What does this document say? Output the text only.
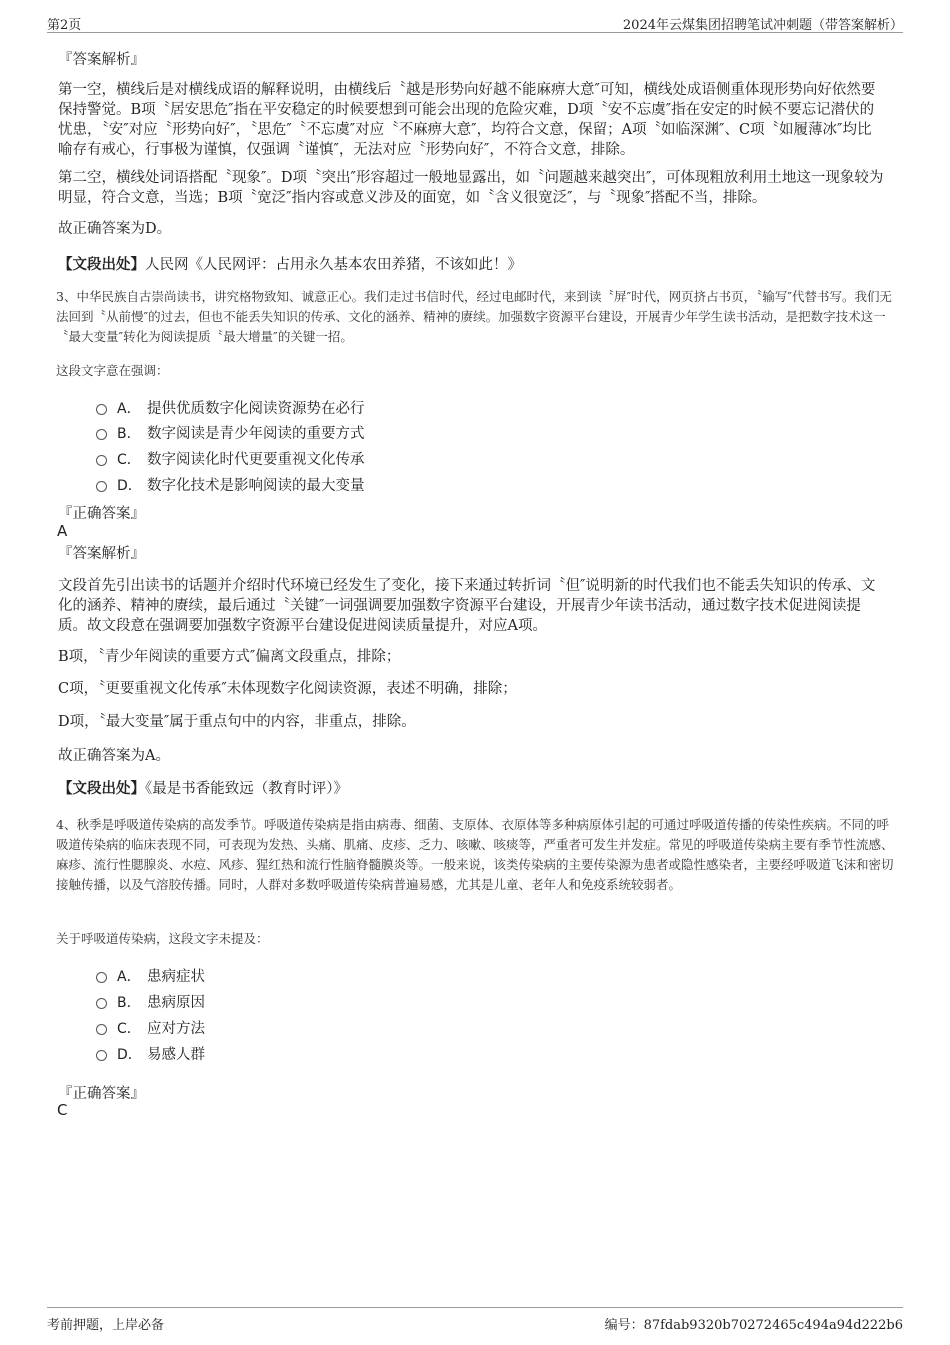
第2页	2024年云煤集团招聘笔试冲刺题（带答案解析）
『答案解析』
第一空，横线后是对横线成语的解释说明，由横线后〝越是形势向好越不能麻痹大意″可知，横线处成语侧重体现形势向好依然要保持警觉。B项〝居安思危″指在平安稳定的时候要想到可能会出现的危险灾难，D项〝安不忘虞″指在安定的时候不要忘记潜伏的忧患，〝安″对应〝形势向好″，〝思危″〝不忘虞″对应〝不麻痹大意″，均符合文意，保留；A项〝如临深渊″、C项〝如履薄冰″均比喻存有戒心，行事极为谨慎，仅强调〝谨慎″，无法对应〝形势向好″，不符合文意，排除。
第二空，横线处词语搭配〝现象″。D项〝突出″形容超过一般地显露出，如〝问题越来越突出″，可体现粗放利用土地这一现象较为明显，符合文意，当选；B项〝宽泛″指内容或意义涉及的面宽，如〝含义很宽泛″，与〝现象″搭配不当，排除。
故正确答案为D。
【文段出处】人民网《人民网评：占用永久基本农田养猪，不该如此！》
3、中华民族自古崇尚读书，讲究格物致知、诚意正心。我们走过书信时代，经过电邮时代，来到读〝屏″时代，网页挤占书页，〝输写″代替书写。我们无法回到〝从前慢″的过去，但也不能丢失知识的传承、文化的涵养、精神的赓续。加强数字资源平台建设，开展青少年学生读书活动，是把数字技术这一〝最大变量″转化为阅读提质〝最大增量″的关键一招。
这段文字意在强调：
A． 提供优质数字化阅读资源势在必行
B． 数字阅读是青少年阅读的重要方式
C． 数字阅读化时代更要重视文化传承
D． 数字化技术是影响阅读的最大变量
『正确答案』
A
『答案解析』
文段首先引出读书的话题并介绍时代环境已经发生了变化，接下来通过转折词〝但″说明新的时代我们也不能丢失知识的传承、文化的涵养、精神的赓续，最后通过〝关键″一词强调要加强数字资源平台建设，开展青少年读书活动，通过数字技术促进阅读提质。故文段意在强调要加强数字资源平台建设促进阅读质量提升，对应A项。
B项，〝青少年阅读的重要方式″偏离文段重点，排除；
C项，〝更要重视文化传承″未体现数字化阅读资源，表述不明确，排除；
D项，〝最大变量″属于重点句中的内容，非重点，排除。
故正确答案为A。
【文段出处】《最是书香能致远（教育时评）》
4、秋季是呼吸道传染病的高发季节。呼吸道传染病是指由病毒、细菌、支原体、衣原体等多种病原体引起的可通过呼吸道传播的传染性疾病。不同的呼吸道传染病的临床表现不同，可表现为发热、头痛、肌痛、皮疹、乏力、咳嗽、咳痰等，严重者可发生并发症。常见的呼吸道传染病主要有季节性流感、麻疹、流行性腮腺炎、水痘、风疹、猩红热和流行性脑脊髓膜炎等。一般来说，该类传染病的主要传染源为患者或隐性感染者，主要经呼吸道飞沫和密切接触传播，以及气溶胶传播。同时，人群对多数呼吸道传染病普遍易感，尤其是儿童、老年人和免疫系统较弱者。
关于呼吸道传染病，这段文字未提及：
A． 患病症状
B． 患病原因
C． 应对方法
D． 易感人群
『正确答案』
C
考前押题，上岸必备	编号：87fdab9320b70272465c494a94d222b6
